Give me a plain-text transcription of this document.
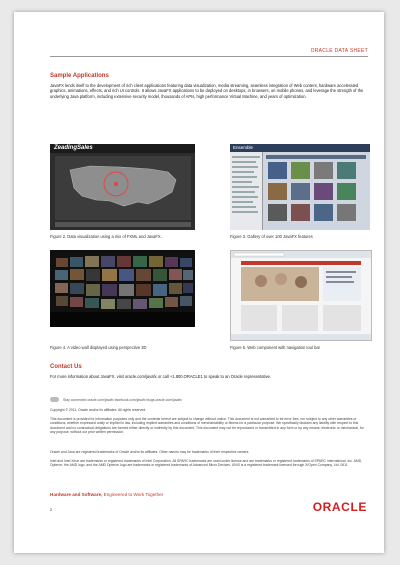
ORACLE DATA SHEET
Sample Applications
JavaFX lends itself to the development of rich client applications featuring data visualization, media streaming, seamless integration of Web content, hardware accelerated graphics, animations, effects, and rich UI controls. It allows JavaFX applications to be deployed on desktops, in browsers, on mobile phones, and leverage the strength of the underlying Java platform, including extensive security model, thousands of APIs, high performance Virtual Machine, and years of optimization.
ZeadingSales
Figure 2. Data visualization using a mix of FXML and JavaFX.
Ensemble
Figure 3. Gallery of over 100 JavaFX features
Figure 4. A video wall displayed using perspective 3D	Figure 5. Web component with navigation tool bar
Contact Us
For more information about JavaFX, visit oracle.com/javafx or call +1.800.ORACLE1 to speak to an Oracle representative.
Stay connected oracle.com/javafx facebook.com/javafx blogs.oracle.com/javafx
Copyright © 2011, Oracle and/or its affiliates. All rights reserved.
This document is provided for information purposes only and the contents hereof are subject to change without notice. This document is not warranted to be error-free, nor subject to any other warranties or conditions, whether expressed orally or implied in law, including implied warranties and conditions of merchantability or fitness for a particular purpose. We specifically disclaim any liability with respect to this document and no contractual obligations are formed either directly or indirectly by this document. This document may not be reproduced or transmitted in any form or by any means, electronic or mechanical, for any purpose, without our prior written permission.
Oracle and Java are registered trademarks of Oracle and/or its affiliates. Other names may be trademarks of their respective owners.
Intel and Intel Xeon are trademarks or registered trademarks of Intel Corporation. All SPARC trademarks are used under license and are trademarks or registered trademarks of SPARC International, Inc. AMD, Opteron, the AMD logo, and the AMD Opteron logo are trademarks or registered trademarks of Advanced Micro Devices. UNIX is a registered trademark licensed through X/Open Company, Ltd. 0611
Hardware and Software, Engineered to Work Together
2	ORACLE
